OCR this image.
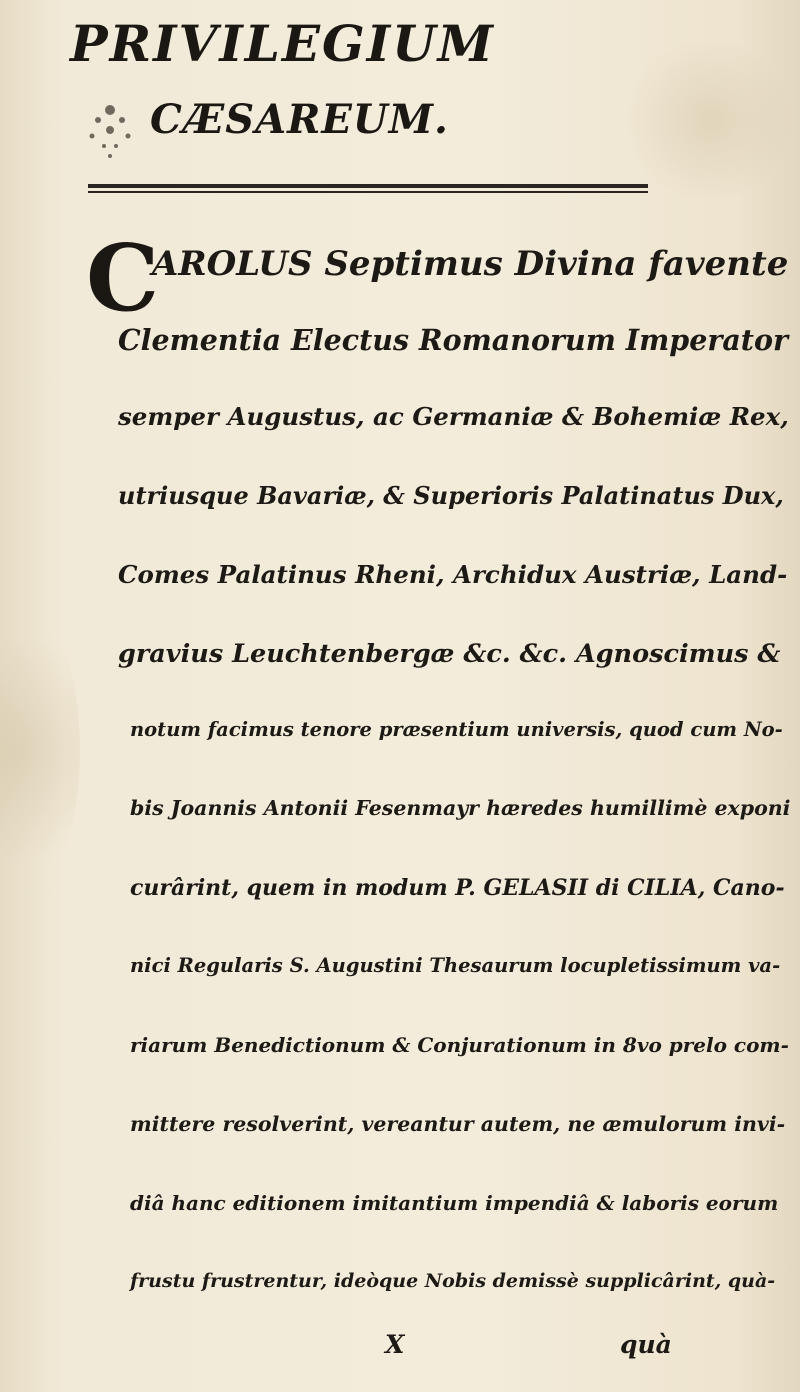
PRIVILEGIUM
CÆSAREUM.
C
AROLUS Septimus Divina favente
Clementia Electus Romanorum Imperator
semper Augustus, ac Germaniæ & Bohemiæ Rex,
utriusque Bavariæ, & Superioris Palatinatus Dux,
Comes Palatinus Rheni, Archidux Austriæ, Land-
gravius Leuchtenbergæ &c. &c. Agnoscimus &
notum facimus tenore præsentium universis, quod cum No-
bis Joannis Antonii Fesenmayr hæredes humillimè exponi
curârint, quem in modum P. GELASII di CILIA, Cano-
nici Regularis S. Augustini Thesaurum locupletissimum va-
riarum Benedictionum & Conjurationum in 8vo prelo com-
mittere resolverint, vereantur autem, ne æmulorum invi-
diâ hanc editionem imitantium impendiâ & laboris eorum
frustu frustrentur, ideòque Nobis demissè supplicârint, quà-
X	quà
